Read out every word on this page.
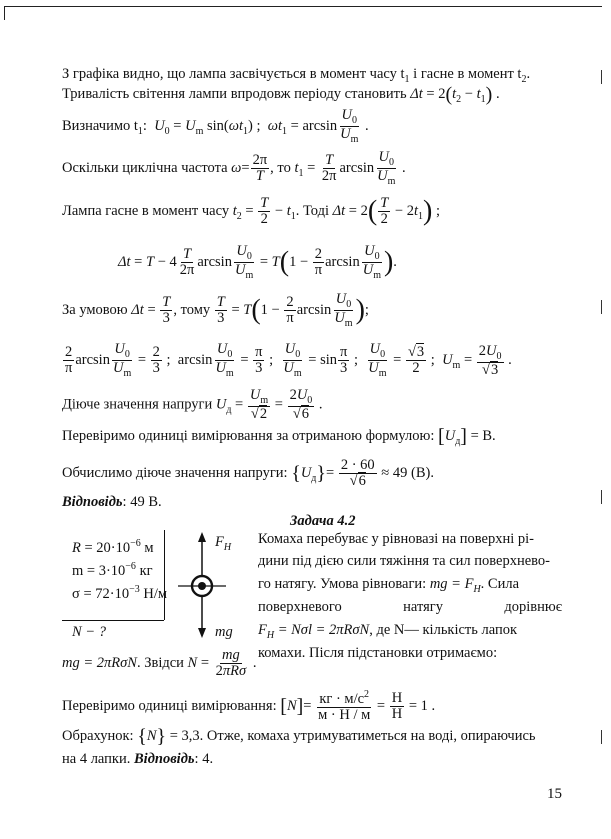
З графіка видно, що лампа засвічується в момент часу $t_1$ і гасне в момент $t_2$.
Тривалість світення лампи впродовж періоду становить $\Delta t = 2(t_2 - t_1)$ .
Визначимо $t_1$:  $U_0 = U_m$ $\sin(\omega t_1)$ ;  $\omega t_1 = \arcsin \frac{U_0}{U_m}$ .
Оскільки циклічна частота $\omega= \frac{2\pi}{T}$ , то $t_1 = \frac{T}{2\pi}$ $\arcsin \frac{U_0}{U_m}$ .
Лампа гасне в момент часу $t_2 = \frac{T}{2} - t_1$. Тоді $\Delta t = 2( \frac{T}{2} - 2t_1)$ ;
$\Delta t = T - 4 \frac{T}{2\pi}$ $\arcsin \frac{U_0}{U_m} = T(1 - \frac{2}{\pi}$ $\arcsin \frac{U_0}{U_m}$ ).
За умовою $\Delta t = \frac{T}{3}$ , тому $\frac{T}{3} = T(1 - \frac{2}{\pi}$ $\arcsin \frac{U_0}{U_m}$ );
$\frac{2}{\pi}$ $\arcsin \frac{U_0}{U_m} = \frac{2}{3}$ ;  $\arcsin \frac{U_0}{U_m} = \frac{\pi}{3}$ ; $\frac{U_0}{U_m} = \sin \frac{\pi}{3}$ ; $\frac{U_0}{U_m} = \frac{√3}{2}$ ;  $U_m = \frac{2U_0}{√3}$ .
Діюче значення напруги $U_д = \frac{U_m}{√2} = \frac{2U_0}{√6}$ .
Перевіримо одиниці вимірювання за отриманою формулою: $[U_д] = В$.
Обчислимо діюче значення напруги: $\{U_д\}= \frac{2 \cdot 60}{√6} \approx 49$ (В).
Відповідь: 49 В.
Задача 4.2
$R = 20\cdot 10^{-6}$ м
$m = 3\cdot 10^{-6}$ кг
$\sigma = 72\cdot 10^{-3}$ Н/м
N − ?
$F_H$
mg
Комаха перебуває у рівновазі на поверхні рі-
дини під дією сили тяжіння та сил поверхнево-
го натягу. Умова рівноваги: mg = $F_H$. Сила
поверхневого	натягу	дорівнює
$F_H = N\sigma l = 2\pi R\sigma N$, де N— кількість лапок
комахи. Після підстановки отримаємо:
mg = 2πRσN. Звідси $N = \frac{mg}{\text{2πRσ}}$ .
Перевіримо одиниці вимірювання: $[N]= \frac{кг \cdot м/с^2}{м \cdot Н / м} = \frac{Н}{Н} = 1$ .
Обрахунок: {N} = 3,3. Отже, комаха утримуватиметься на воді, опираючись
на 4 лапки. Відповідь: 4.
15
